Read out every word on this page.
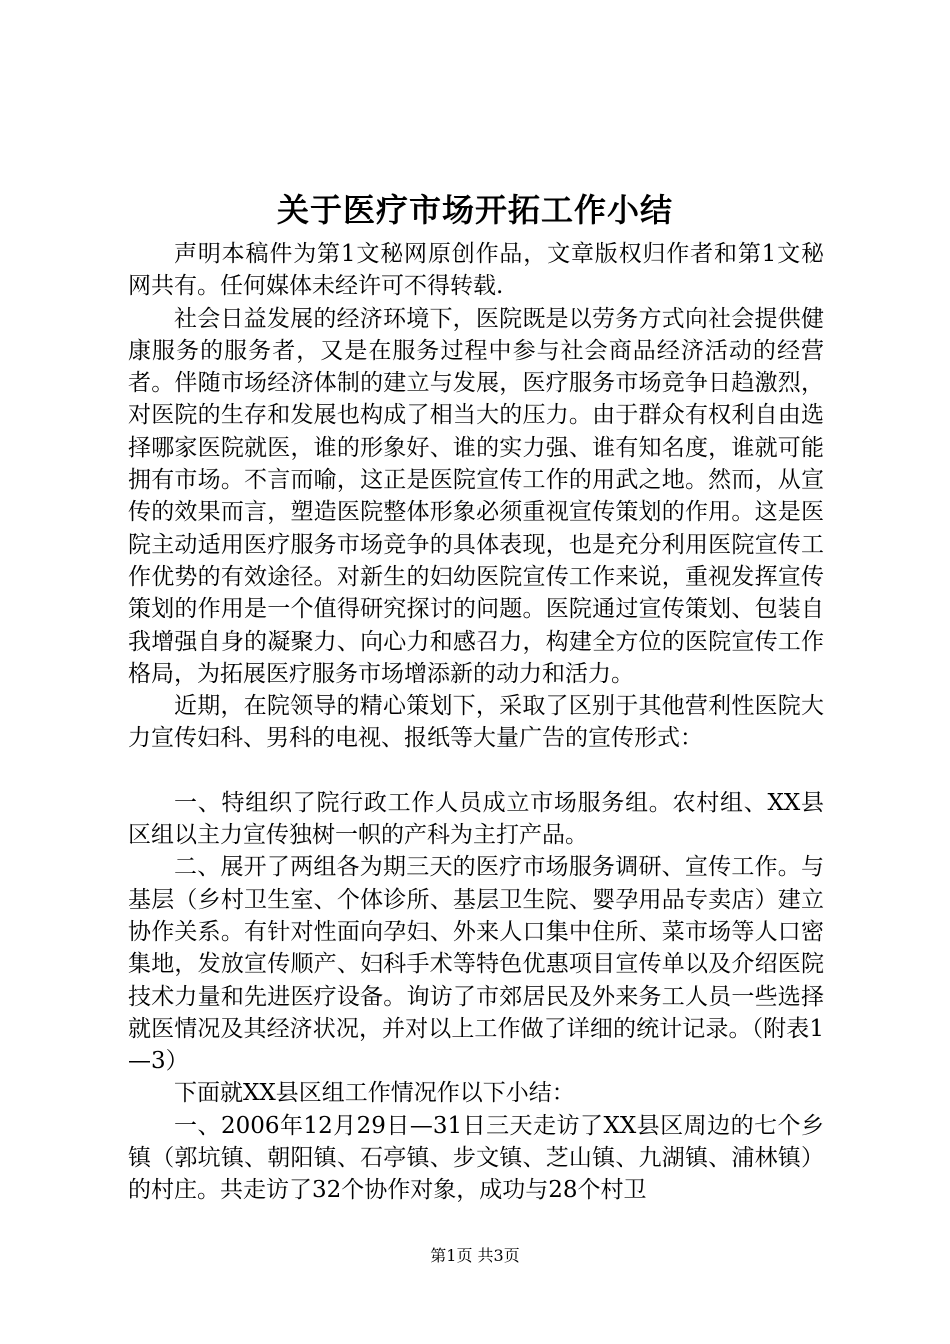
关于医疗市场开拓工作小结

声明本稿件为第1文秘网原创作品，文章版权归作者和第1文秘网共有。任何媒体未经许可不得转载.

社会日益发展的经济环境下，医院既是以劳务方式向社会提供健康服务的服务者，又是在服务过程中参与社会商品经济活动的经营者。伴随市场经济体制的建立与发展，医疗服务市场竞争日趋激烈，对医院的生存和发展也构成了相当大的压力。由于群众有权利自由选择哪家医院就医，谁的形象好、谁的实力强、谁有知名度，谁就可能拥有市场。不言而喻，这正是医院宣传工作的用武之地。然而，从宣传的效果而言，塑造医院整体形象必须重视宣传策划的作用。这是医院主动适用医疗服务市场竞争的具体表现，也是充分利用医院宣传工作优势的有效途径。对新生的妇幼医院宣传工作来说，重视发挥宣传策划的作用是一个值得研究探讨的问题。医院通过宣传策划、包装自我增强自身的凝聚力、向心力和感召力，构建全方位的医院宣传工作格局，为拓展医疗服务市场增添新的动力和活力。

近期，在院领导的精心策划下，采取了区别于其他营利性医院大力宣传妇科、男科的电视、报纸等大量广告的宣传形式：

一、特组织了院行政工作人员成立市场服务组。农村组、XX县区组以主力宣传独树一帜的产科为主打产品。

二、展开了两组各为期三天的医疗市场服务调研、宣传工作。与基层（乡村卫生室、个体诊所、基层卫生院、婴孕用品专卖店）建立协作关系。有针对性面向孕妇、外来人口集中住所、菜市场等人口密集地，发放宣传顺产、妇科手术等特色优惠项目宣传单以及介绍医院技术力量和先进医疗设备。询访了市郊居民及外来务工人员一些选择就医情况及其经济状况，并对以上工作做了详细的统计记录。（附表1—3）

下面就XX县区组工作情况作以下小结：

一、2006年12月29日—31日三天走访了XX县区周边的七个乡镇（郭坑镇、朝阳镇、石亭镇、步文镇、芝山镇、九湖镇、浦林镇）的村庄。共走访了32个协作对象，成功与28个村卫

第1页 共3页
